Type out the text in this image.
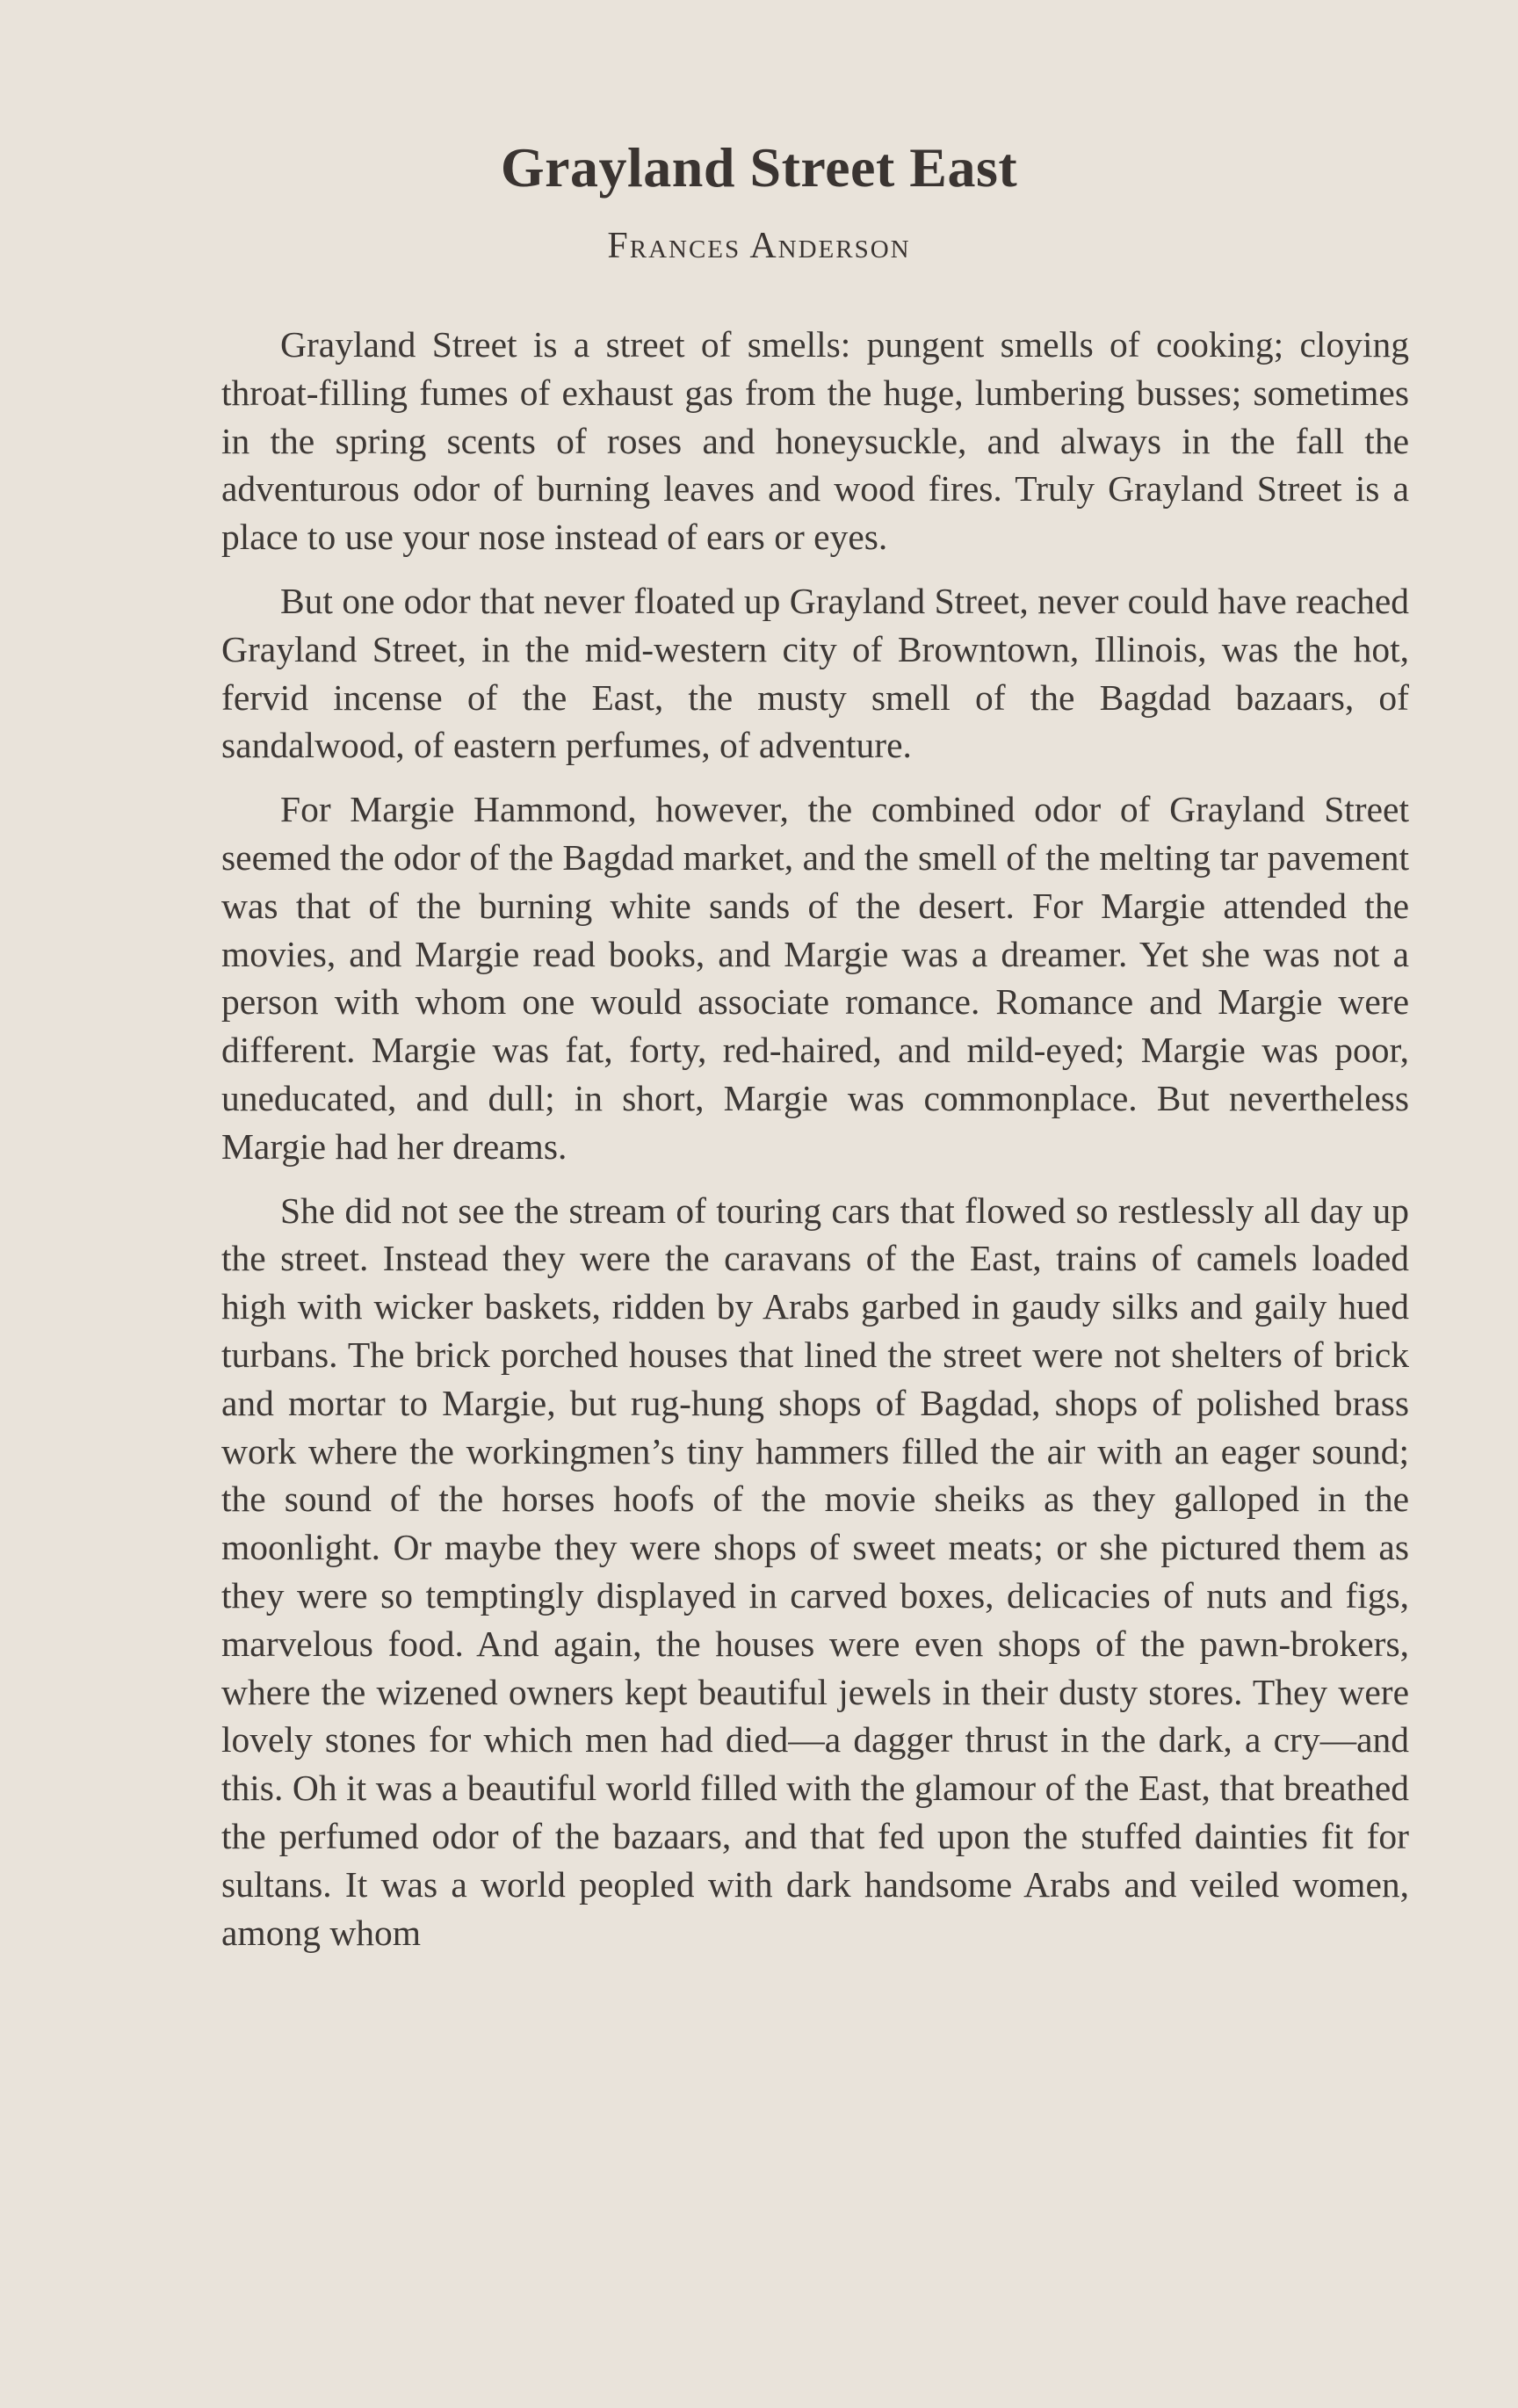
Grayland Street East
Frances Anderson

Grayland Street is a street of smells: pungent smells of cooking; cloying throat-filling fumes of exhaust gas from the huge, lumbering busses; sometimes in the spring scents of roses and honeysuckle, and always in the fall the adventurous odor of burning leaves and wood fires. Truly Grayland Street is a place to use your nose instead of ears or eyes.

But one odor that never floated up Grayland Street, never could have reached Grayland Street, in the mid-western city of Browntown, Illinois, was the hot, fervid incense of the East, the musty smell of the Bagdad bazaars, of sandalwood, of eastern perfumes, of adventure.

For Margie Hammond, however, the combined odor of Grayland Street seemed the odor of the Bagdad market, and the smell of the melting tar pavement was that of the burning white sands of the desert. For Margie attended the movies, and Margie read books, and Margie was a dreamer. Yet she was not a person with whom one would associate romance. Romance and Margie were different. Margie was fat, forty, red-haired, and mild-eyed; Margie was poor, uneducated, and dull; in short, Margie was commonplace. But nevertheless Margie had her dreams.

She did not see the stream of touring cars that flowed so restlessly all day up the street. Instead they were the caravans of the East, trains of camels loaded high with wicker baskets, ridden by Arabs garbed in gaudy silks and gaily hued turbans. The brick porched houses that lined the street were not shelters of brick and mortar to Margie, but rug-hung shops of Bagdad, shops of polished brass work where the workingmen’s tiny hammers filled the air with an eager sound; the sound of the horses hoofs of the movie sheiks as they galloped in the moonlight. Or maybe they were shops of sweet meats; or she pictured them as they were so temptingly displayed in carved boxes, delicacies of nuts and figs, marvelous food. And again, the houses were even shops of the pawn-brokers, where the wizened owners kept beautiful jewels in their dusty stores. They were lovely stones for which men had died—a dagger thrust in the dark, a cry—and this. Oh it was a beautiful world filled with the glamour of the East, that breathed the perfumed odor of the bazaars, and that fed upon the stuffed dainties fit for sultans. It was a world peopled with dark handsome Arabs and veiled women, among whom
